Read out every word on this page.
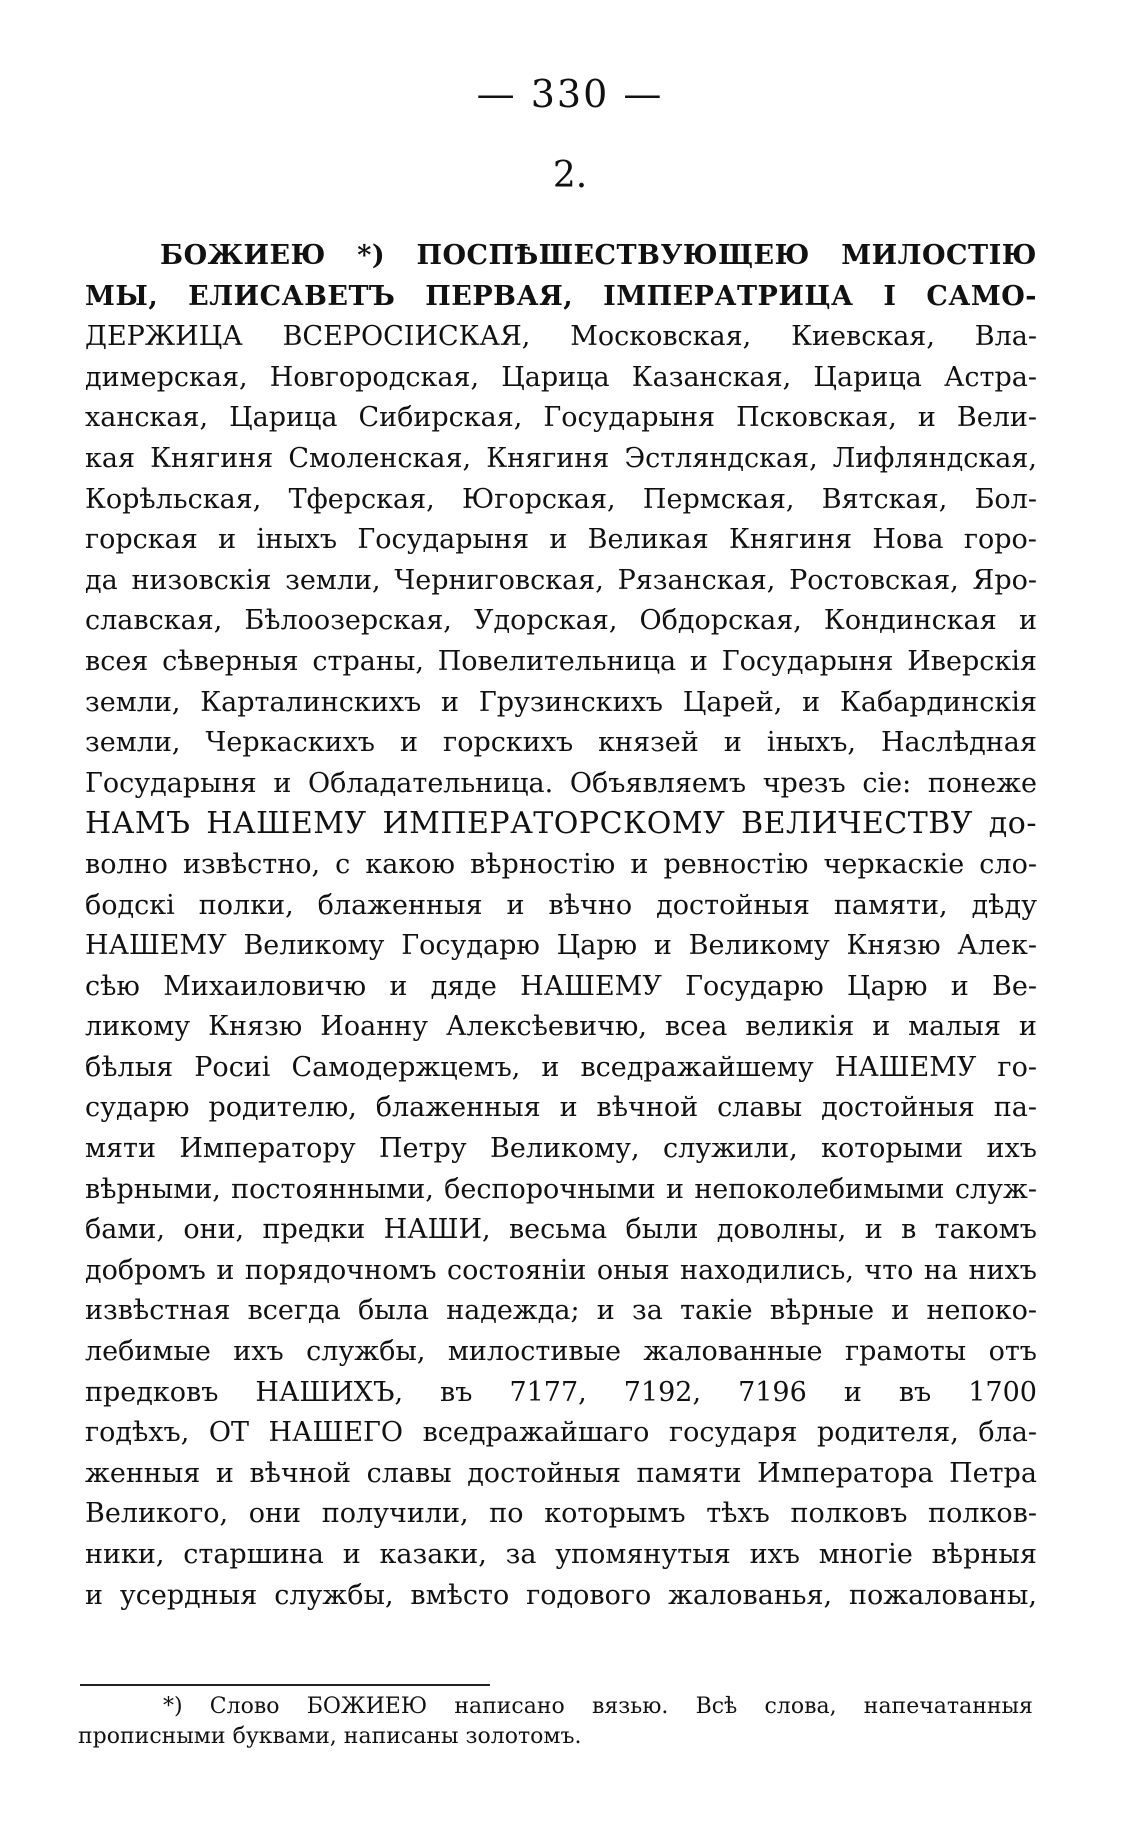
— 330 —
2.
БОЖИЕЮ *) ПОСПѢШЕСТВУЮЩЕЮ МИЛОСТІЮ
МЫ, ЕЛИСАВЕТЪ ПЕРВАЯ, IМПЕРАТРИЦА I САМО-
ДЕРЖИЦА ВСЕРОСІИСКАЯ, Московская, Киевская, Вла-
димерская, Новгородская, Царица Казанская, Царица Астра-
ханская, Царица Сибирская, Государыня Псковская, и Вели-
кая Княгиня Смоленская, Княгиня Эстляндская, Лифляндская,
Корѣльская, Тферская, Югорская, Пермская, Вятская, Бол-
горская и іныхъ Государыня и Великая Княгиня Нова горо-
да низовскія земли, Черниговская, Рязанская, Ростовская, Яро-
славская, Бѣлоозерская, Удорская, Обдорская, Кондинская и
всея сѣверныя страны, Повелительница и Государыня Иверскія
земли, Карталинскихъ и Грузинскихъ Царей, и Кабардинскія
земли, Черкаскихъ и горскихъ князей и іныхъ, Наслѣдная
Государыня и Обладательница. Объявляемъ чрезъ сіе: понеже
НАМЪ НАШЕМУ ИМПЕРАТОРСКОМУ ВЕЛИЧЕСТВУ до-
волно извѣстно, с какою вѣрностію и ревностію черкаскіе сло-
бодскі полки, блаженныя и вѣчно достойныя памяти, дѣду
НАШЕМУ Великому Государю Царю и Великому Князю Алек-
сѣю Михаиловичю и дяде НАШЕМУ Государю Царю и Ве-
ликому Князю Иоанну Алексѣевичю, всеа великія и малыя и
бѣлыя Росиі Самодержцемъ, и вседражайшему НАШЕМУ го-
сударю родителю, блаженныя и вѣчной славы достойныя па-
мяти Императору Петру Великому, служили, которыми ихъ
вѣрными, постоянными, беспорочными и непоколебимыми служ-
бами, они, предки НАШИ, весьма были доволны, и в такомъ
добромъ и порядочномъ состояніи оныя находились, что на нихъ
извѣстная всегда была надежда; и за такіе вѣрные и непоко-
лебимые ихъ службы, милостивые жалованные грамоты отъ
предковъ НАШИХЪ, въ 7177, 7192, 7196 и въ 1700
годѣхъ, ОТ НАШЕГО вседражайшаго государя родителя, бла-
женныя и вѣчной славы достойныя памяти Императора Петра
Великого, они получили, по которымъ тѣхъ полковъ полков-
ники, старшина и казаки, за упомянутыя ихъ многіе вѣрныя
и усердныя службы, вмѣсто годового жалованья, пожалованы,
*) Слово БОЖИЕЮ написано вязью. Всѣ слова, напечатанныя
прописными буквами, написаны золотомъ.
